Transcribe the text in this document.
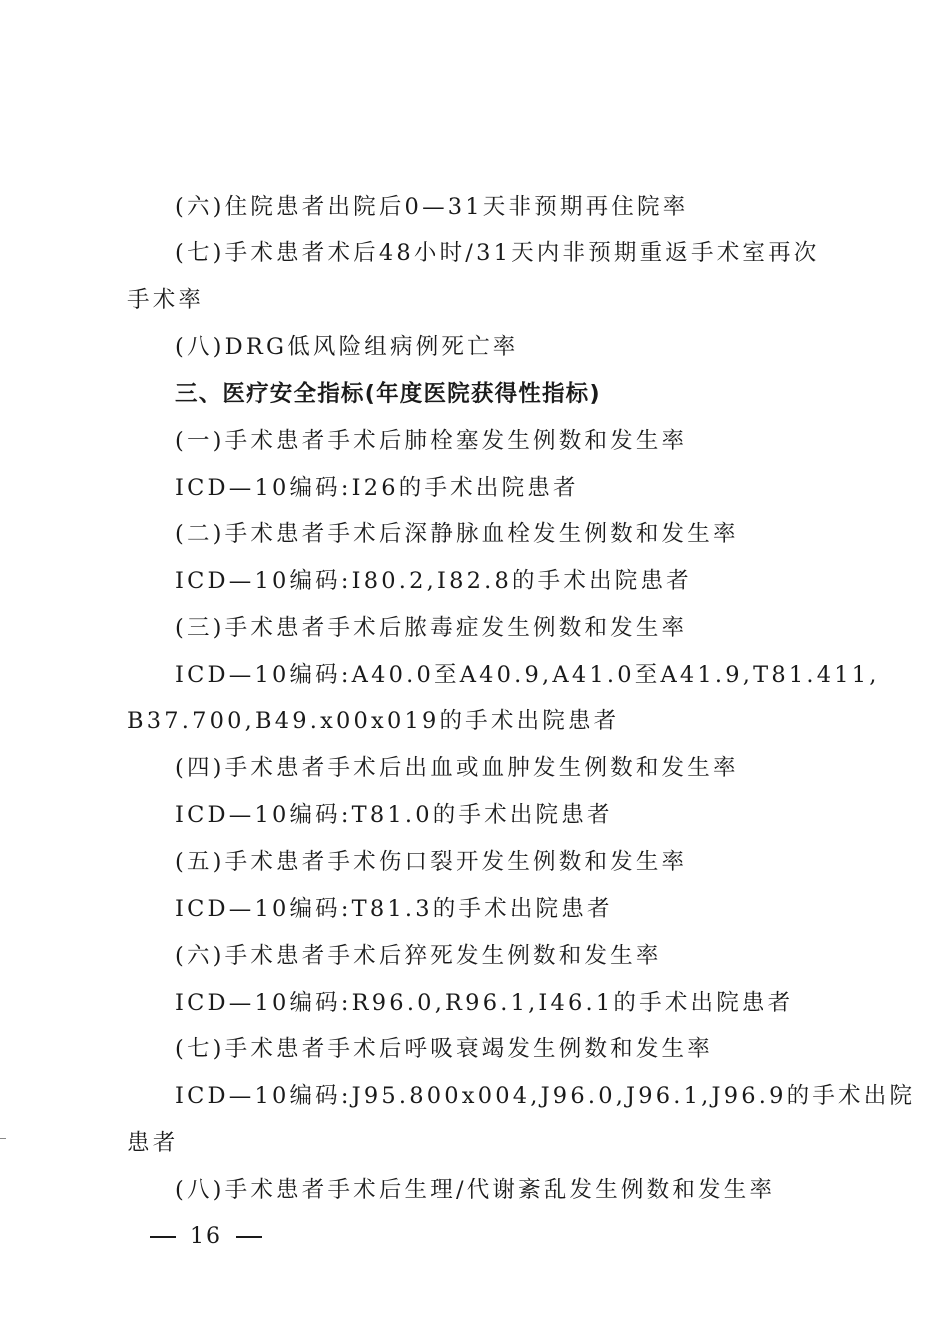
16
(六)住院患者出院后0—31天非预期再住院率
(七)手术患者术后48小时/31天内非预期重返手术室再次
手术率
(八)DRG低风险组病例死亡率
三、医疗安全指标(年度医院获得性指标)
(一)手术患者手术后肺栓塞发生例数和发生率
ICD—10编码:I26的手术出院患者
(二)手术患者手术后深静脉血栓发生例数和发生率
ICD—10编码:I80.2,I82.8的手术出院患者
(三)手术患者手术后脓毒症发生例数和发生率
ICD—10编码:A40.0至A40.9,A41.0至A41.9,T81.411,
B37.700,B49.x00x019的手术出院患者
(四)手术患者手术后出血或血肿发生例数和发生率
ICD—10编码:T81.0的手术出院患者
(五)手术患者手术伤口裂开发生例数和发生率
ICD—10编码:T81.3的手术出院患者
(六)手术患者手术后猝死发生例数和发生率
ICD—10编码:R96.0,R96.1,I46.1的手术出院患者
(七)手术患者手术后呼吸衰竭发生例数和发生率
ICD—10编码:J95.800x004,J96.0,J96.1,J96.9的手术出院
患者
(八)手术患者手术后生理/代谢紊乱发生例数和发生率
